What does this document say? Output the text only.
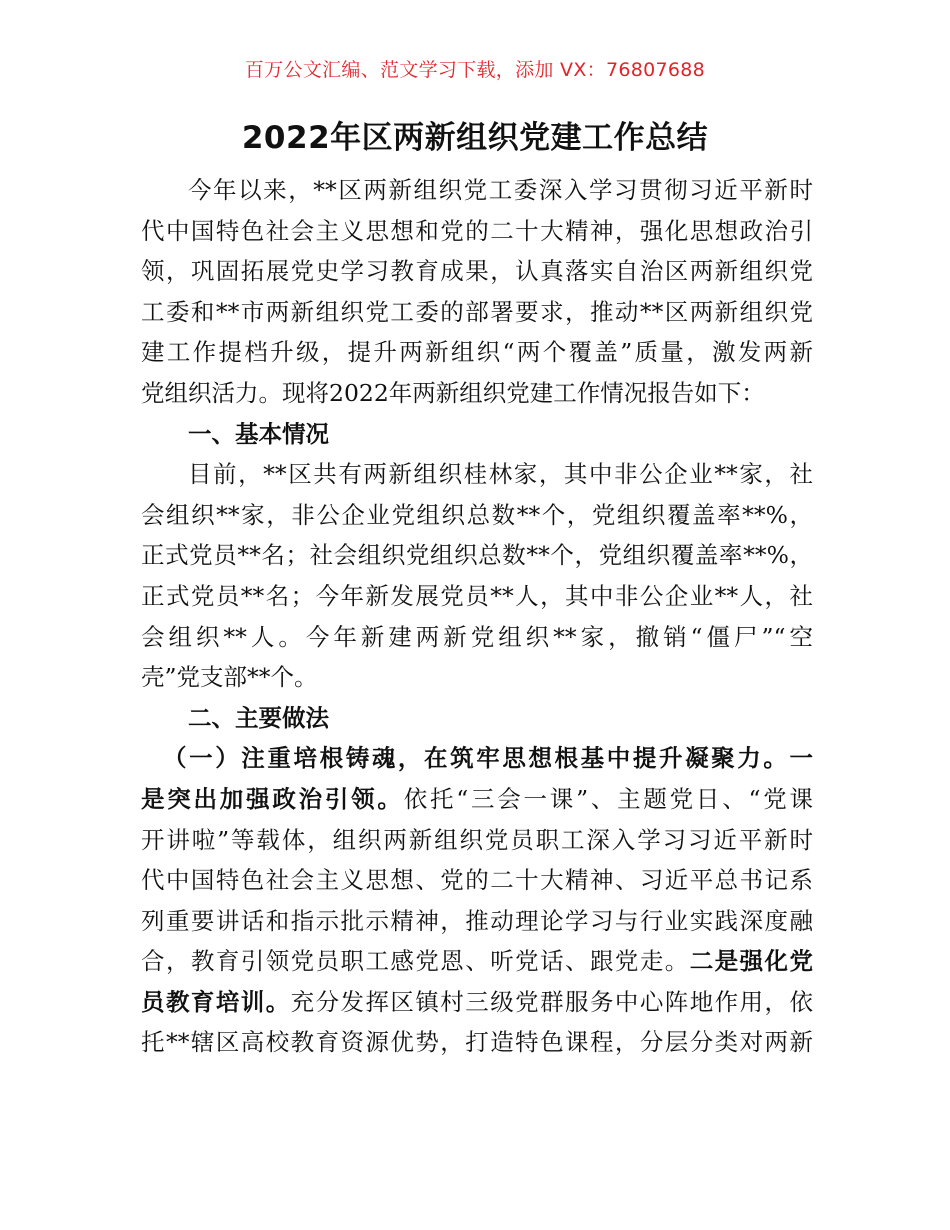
百万公文汇编、范文学习下载，添加 VX：76807688
2022年区两新组织党建工作总结
今年以来，**区两新组织党工委深入学习贯彻习近平新时
代中国特色社会主义思想和党的二十大精神，强化思想政治引
领，巩固拓展党史学习教育成果，认真落实自治区两新组织党
工委和**市两新组织党工委的部署要求，推动**区两新组织党
建工作提档升级，提升两新组织“两个覆盖”质量，激发两新
党组织活力。现将2022年两新组织党建工作情况报告如下：
一、基本情况
目前，**区共有两新组织桂林家，其中非公企业**家，社
会组织**家，非公企业党组织总数**个，党组织覆盖率**%，
正式党员**名；社会组织党组织总数**个，党组织覆盖率**%，
正式党员**名；今年新发展党员**人，其中非公企业**人，社
会组织**人。今年新建两新党组织**家，撤销“僵尸”“空
壳”党支部**个。
二、主要做法
（一）注重培根铸魂，在筑牢思想根基中提升凝聚力。一
是突出加强政治引领。依托“三会一课”、主题党日、“党课
开讲啦”等载体，组织两新组织党员职工深入学习习近平新时
代中国特色社会主义思想、党的二十大精神、习近平总书记系
列重要讲话和指示批示精神，推动理论学习与行业实践深度融
合，教育引领党员职工感党恩、听党话、跟党走。二是强化党
员教育培训。充分发挥区镇村三级党群服务中心阵地作用，依
托**辖区高校教育资源优势，打造特色课程，分层分类对两新
